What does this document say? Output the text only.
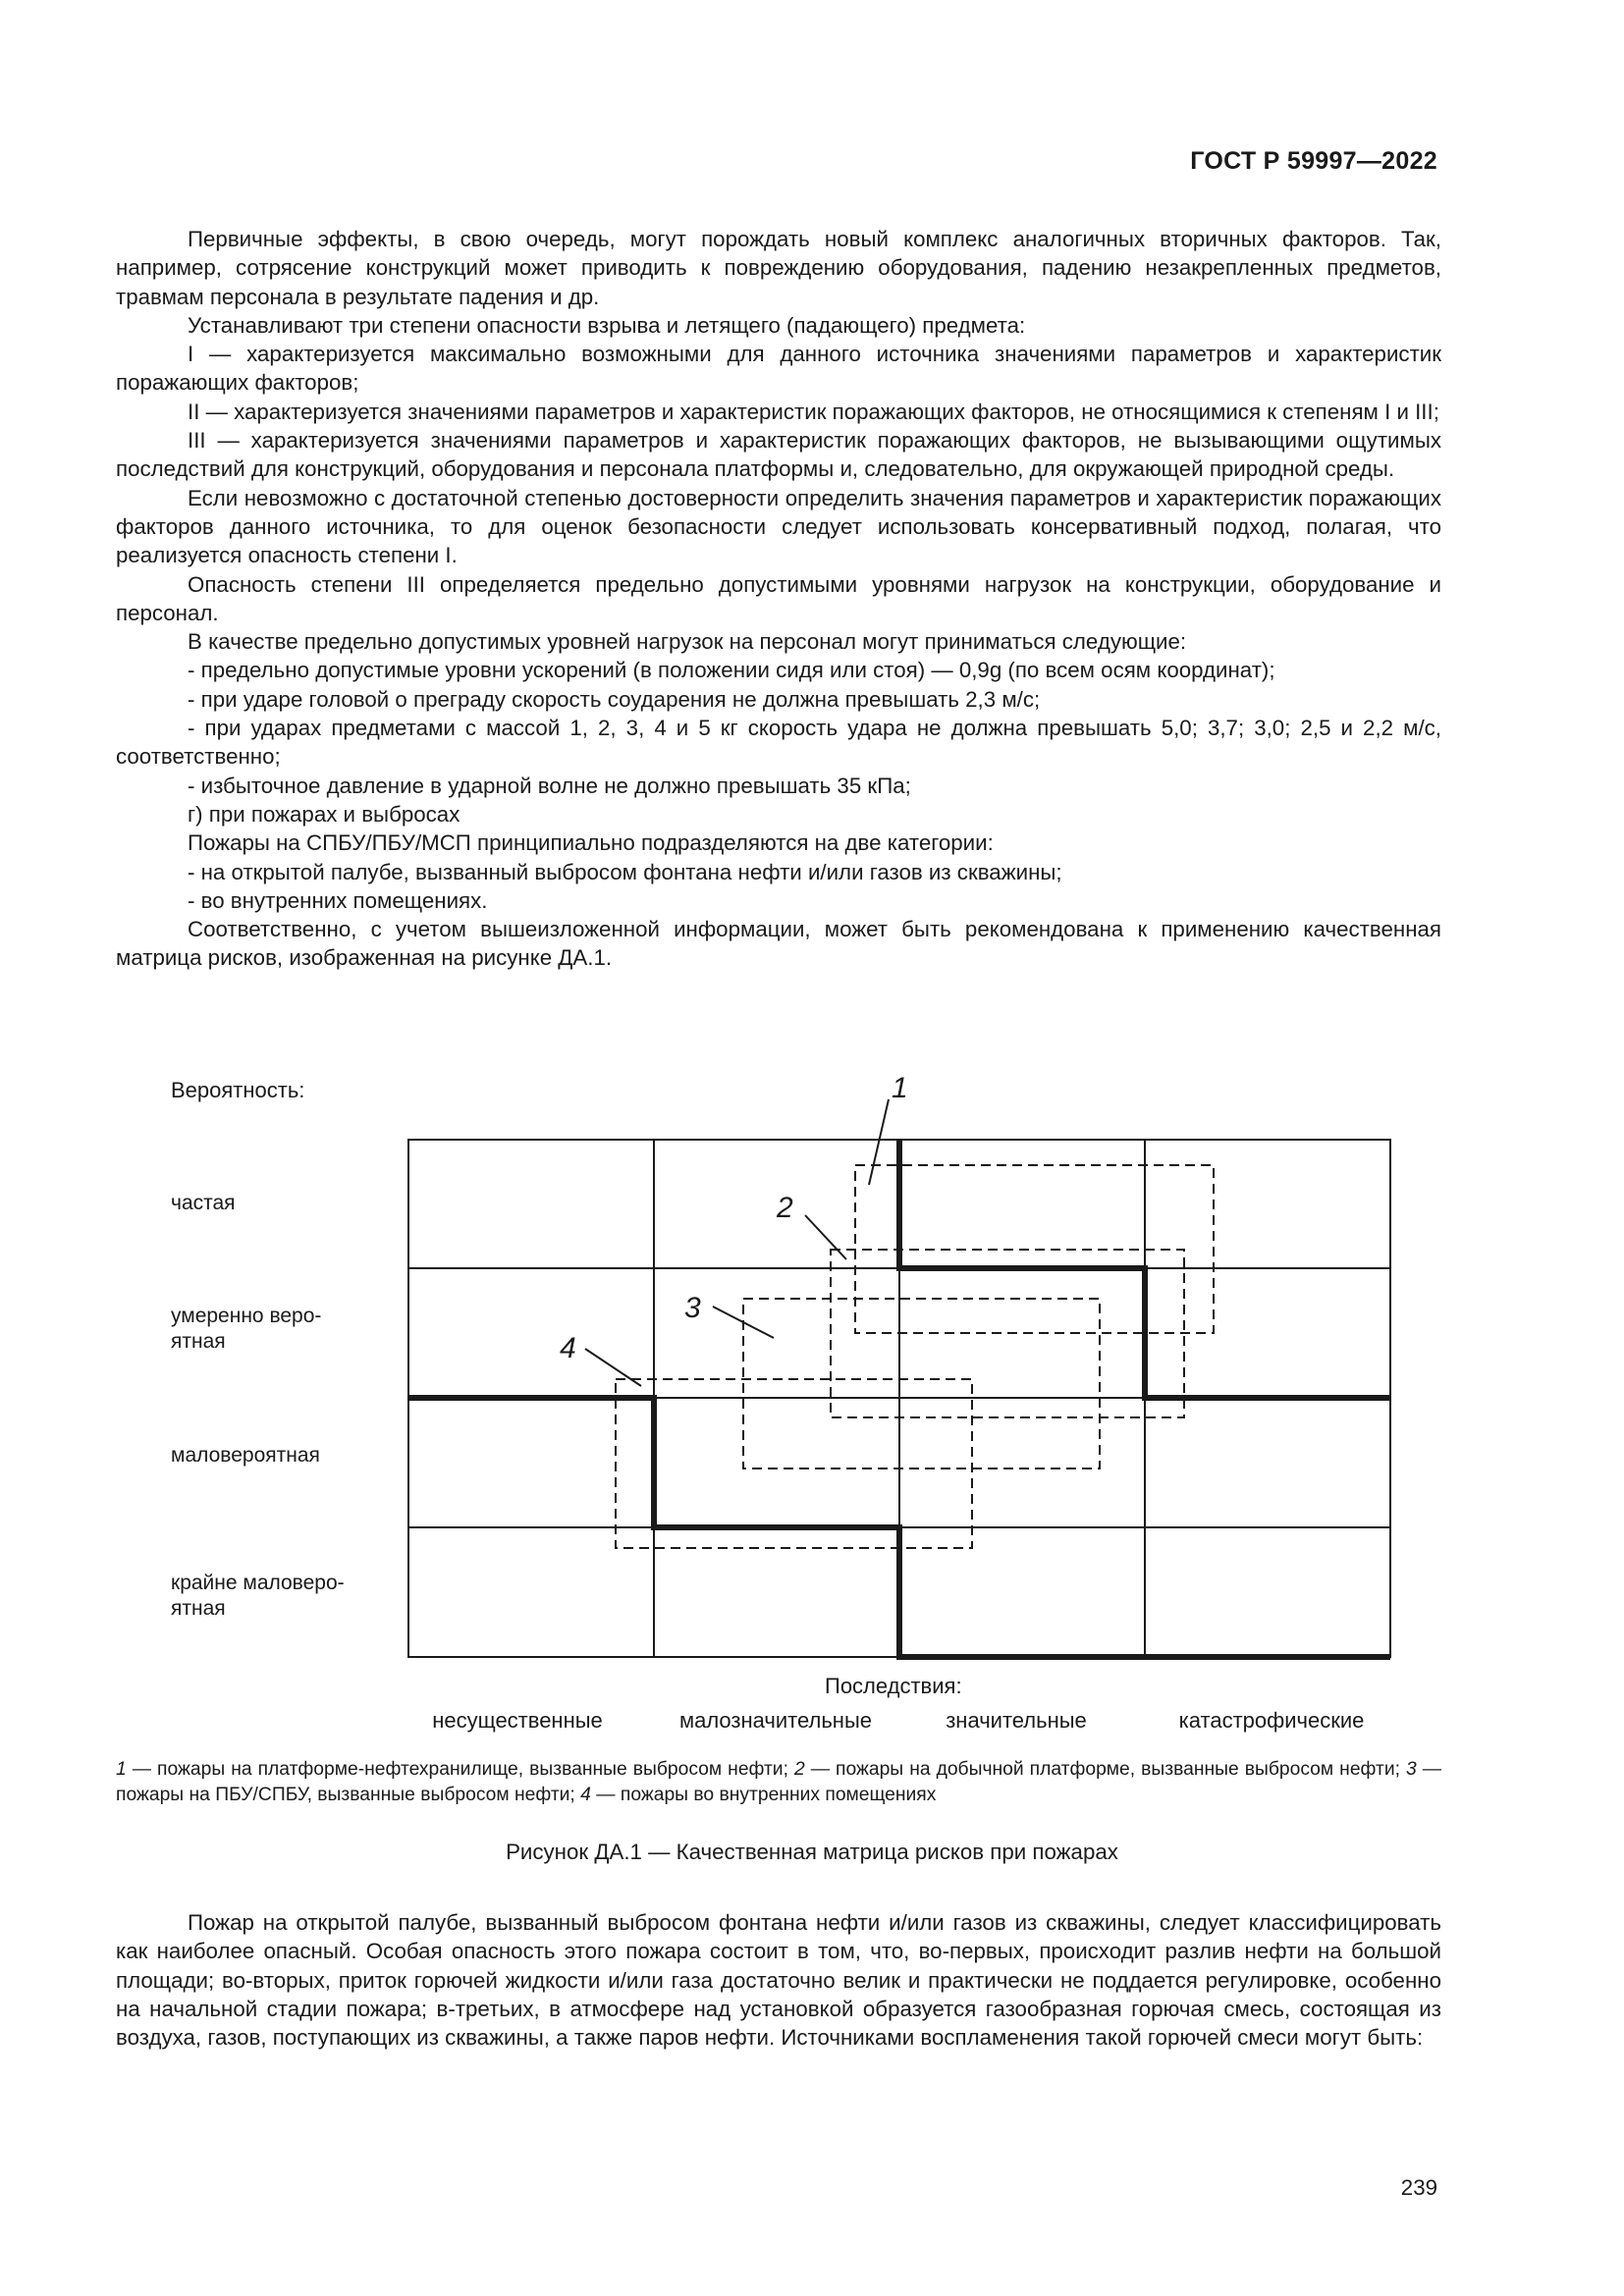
ГОСТ Р 59997—2022

Первичные эффекты, в свою очередь, могут порождать новый комплекс аналогичных вторичных факторов. Так, например, сотрясение конструкций может приводить к повреждению оборудования, падению незакрепленных предметов, травмам персонала в результате падения и др.

Устанавливают три степени опасности взрыва и летящего (падающего) предмета:

I — характеризуется максимально возможными для данного источника значениями параметров и характеристик поражающих факторов;

II — характеризуется значениями параметров и характеристик поражающих факторов, не относящимися к степеням I и III;

III — характеризуется значениями параметров и характеристик поражающих факторов, не вызывающими ощутимых последствий для конструкций, оборудования и персонала платформы и, следовательно, для окружающей природной среды.

Если невозможно с достаточной степенью достоверности определить значения параметров и характеристик поражающих факторов данного источника, то для оценок безопасности следует использовать консервативный подход, полагая, что реализуется опасность степени I.

Опасность степени III определяется предельно допустимыми уровнями нагрузок на конструкции, оборудование и персонал.

В качестве предельно допустимых уровней нагрузок на персонал могут приниматься следующие:

- предельно допустимые уровни ускорений (в положении сидя или стоя) — 0,9g (по всем осям координат);

- при ударе головой о преграду скорость соударения не должна превышать 2,3 м/с;

- при ударах предметами с массой 1, 2, 3, 4 и 5 кг скорость удара не должна превышать 5,0; 3,7; 3,0; 2,5 и 2,2 м/с, соответственно;

- избыточное давление в ударной волне не должно превышать 35 кПа;

г) при пожарах и выбросах

Пожары на СПБУ/ПБУ/МСП принципиально подразделяются на две категории:

- на открытой палубе, вызванный выбросом фонтана нефти и/или газов из скважины;

- во внутренних помещениях.

Соответственно, с учетом вышеизложенной информации, может быть рекомендована к применению качественная матрица рисков, изображенная на рисунке ДА.1.

1
2
3
4
Вероятность:
Последствия:
частая
умеренно веро-
ятная
маловероятная
крайне маловеро-
ятная
несущественные	малозначительные	значительные	катастрофические
1 — пожары на платформе-нефтехранилище, вызванные выбросом нефти; 2 — пожары на добычной платформе, вызванные выбросом нефти; 3 — пожары на ПБУ/СПБУ, вызванные выбросом нефти; 4 — пожары во внутренних помещениях
Рисунок ДА.1 — Качественная матрица рисков при пожарах

Пожар на открытой палубе, вызванный выбросом фонтана нефти и/или газов из скважины, следует классифицировать как наиболее опасный. Особая опасность этого пожара состоит в том, что, во-первых, происходит разлив нефти на большой площади; во-вторых, приток горючей жидкости и/или газа достаточно велик и практически не поддается регулировке, особенно на начальной стадии пожара; в-третьих, в атмосфере над установкой образуется газообразная горючая смесь, состоящая из воздуха, газов, поступающих из скважины, а также паров нефти. Источниками воспламенения такой горючей смеси могут быть:

239
